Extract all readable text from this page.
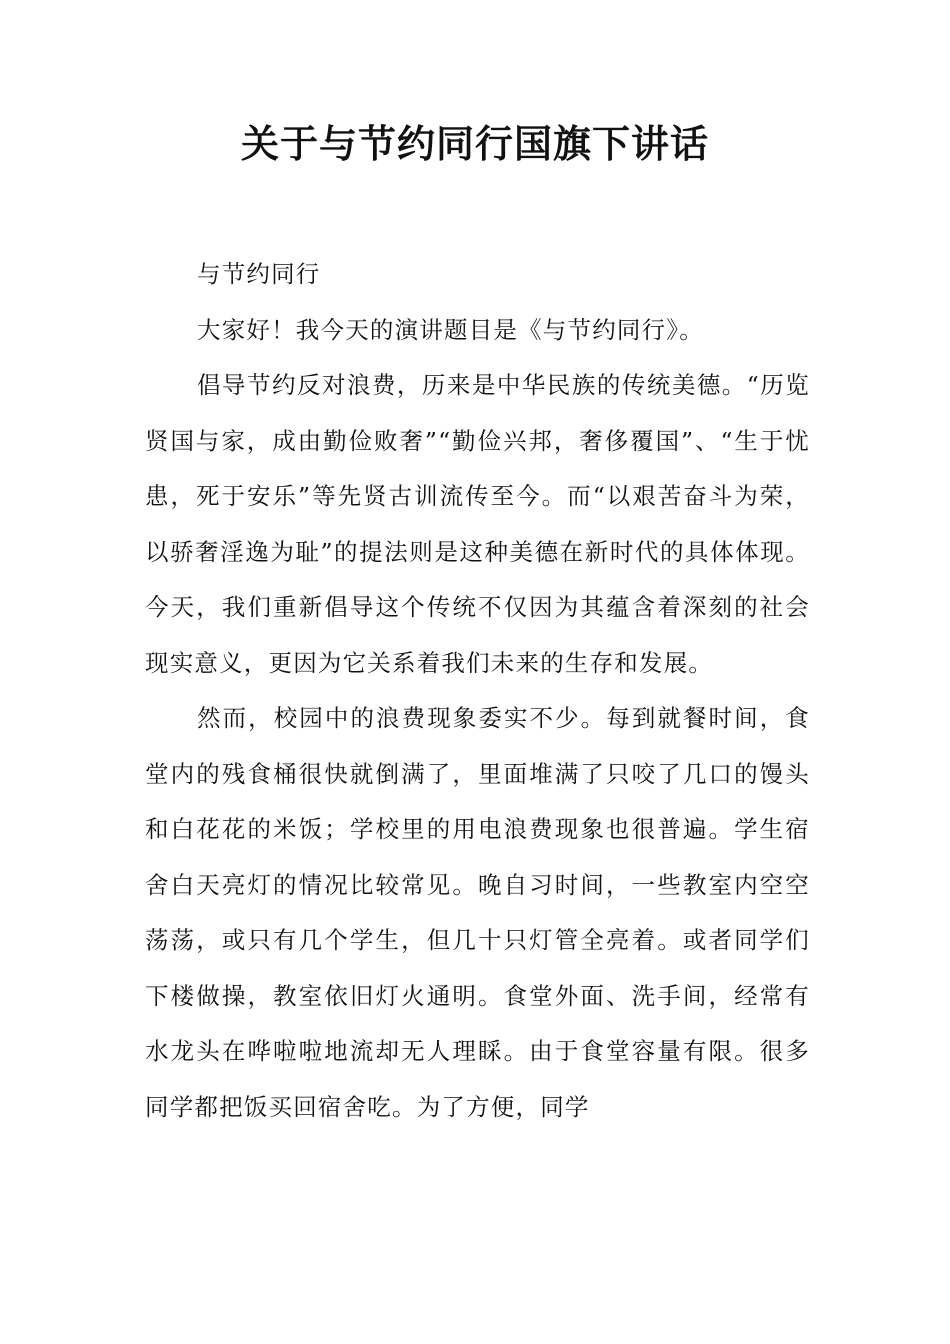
关于与节约同行国旗下讲话

与节约同行

大家好！我今天的演讲题目是《与节约同行》。

倡导节约反对浪费，历来是中华民族的传统美德。“历览贤国与家，成由勤俭败奢”“勤俭兴邦，奢侈覆国”、“生于忧患，死于安乐”等先贤古训流传至今。而“以艰苦奋斗为荣，以骄奢淫逸为耻”的提法则是这种美德在新时代的具体体现。今天，我们重新倡导这个传统不仅因为其蕴含着深刻的社会现实意义，更因为它关系着我们未来的生存和发展。

然而，校园中的浪费现象委实不少。每到就餐时间，食堂内的残食桶很快就倒满了，里面堆满了只咬了几口的馒头和白花花的米饭；学校里的用电浪费现象也很普遍。学生宿舍白天亮灯的情况比较常见。晚自习时间，一些教室内空空荡荡，或只有几个学生，但几十只灯管全亮着。或者同学们下楼做操，教室依旧灯火通明。食堂外面、洗手间，经常有水龙头在哗啦啦地流却无人理睬。由于食堂容量有限。很多同学都把饭买回宿舍吃。为了方便，同学
